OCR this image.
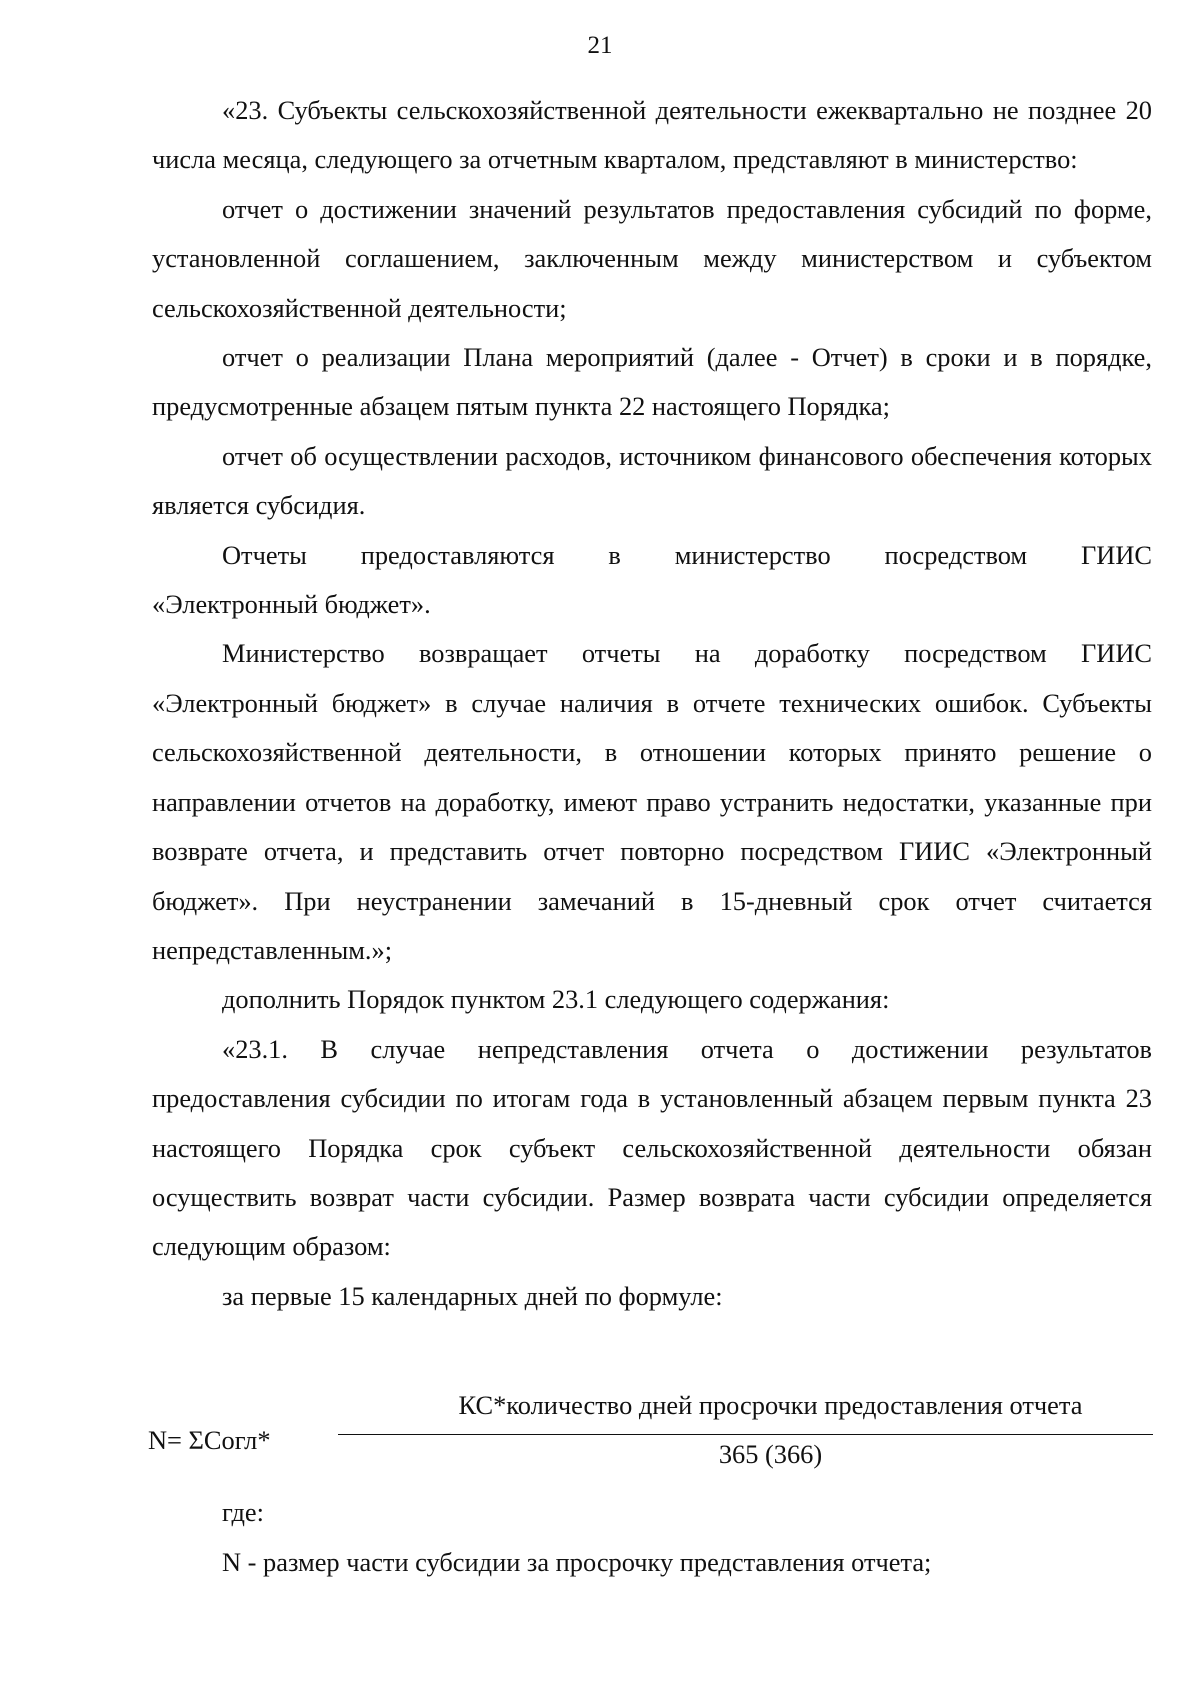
21

«23. Субъекты сельскохозяйственной деятельности ежеквартально не позднее 20 числа месяца, следующего за отчетным кварталом, представляют в министерство:

отчет о достижении значений результатов предоставления субсидий по форме, установленной соглашением, заключенным между министерством и субъектом сельскохозяйственной деятельности;

отчет о реализации Плана мероприятий (далее - Отчет) в сроки и в порядке, предусмотренные абзацем пятым пункта 22 настоящего Порядка;

отчет об осуществлении расходов, источником финансового обеспечения которых является субсидия.

Отчеты предоставляются в министерство посредством ГИИС

«Электронный бюджет».

Министерство возвращает отчеты на доработку посредством ГИИС «Электронный бюджет» в случае наличия в отчете технических ошибок. Субъекты сельскохозяйственной деятельности, в отношении которых принято решение о направлении отчетов на доработку, имеют право устранить недостатки, указанные при возврате отчета, и представить отчет повторно посредством ГИИС «Электронный бюджет». При неустранении замечаний в 15-дневный срок отчет считается непредставленным.»;

дополнить Порядок пунктом 23.1 следующего содержания:

«23.1. В случае непредставления отчета о достижении результатов предоставления субсидии по итогам года в установленный абзацем первым пункта 23 настоящего Порядка срок субъект сельскохозяйственной деятельности обязан осуществить возврат части субсидии. Размер возврата части субсидии определяется следующим образом:

за первые 15 календарных дней по формуле:

N= ΣСогл*
КС*количество дней просрочки предоставления отчета
365 (366)

где:

N - размер части субсидии за просрочку представления отчета;
